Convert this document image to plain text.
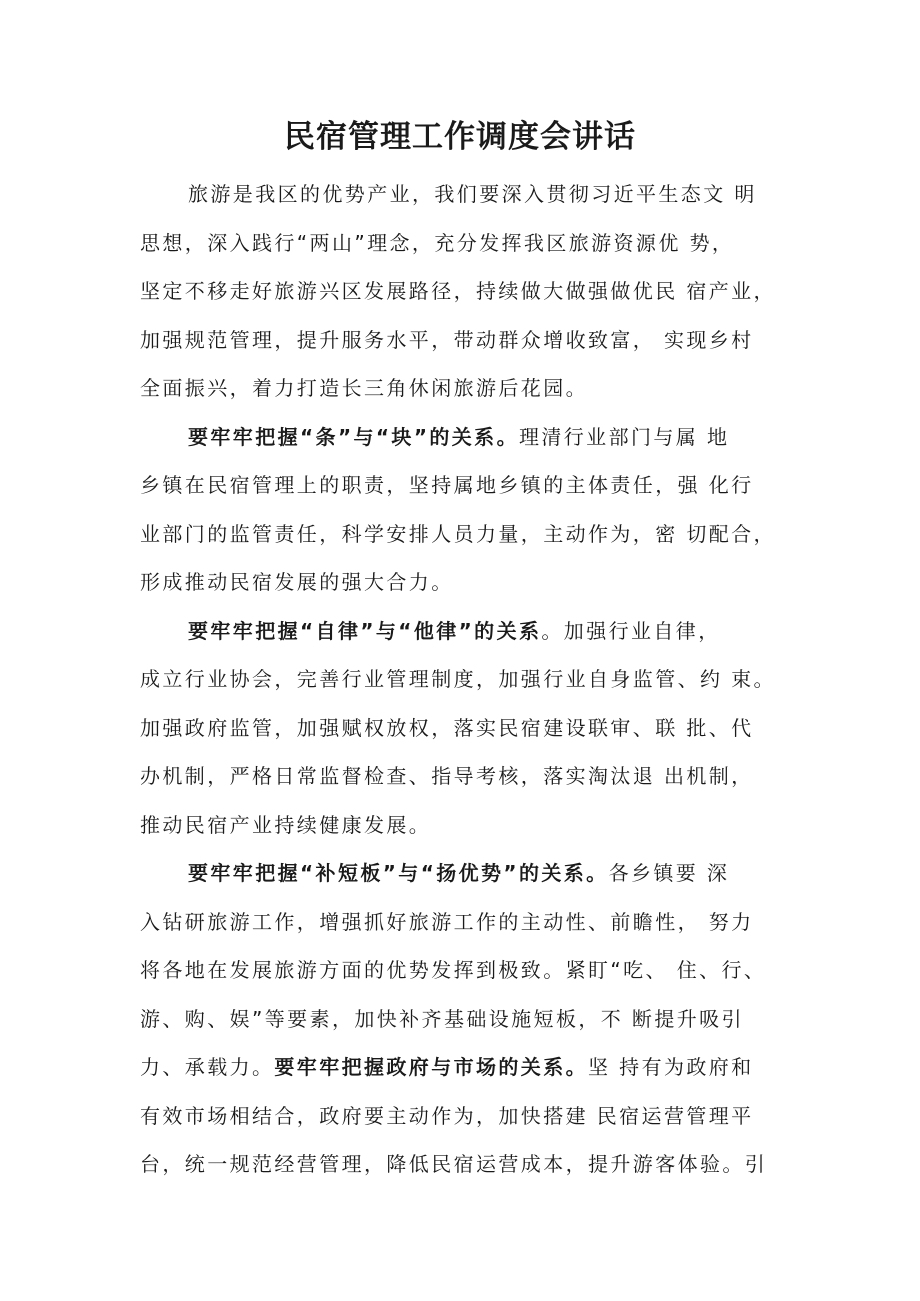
民宿管理工作调度会讲话
旅游是我区的优势产业，我们要深入贯彻习近平生态文 明
思想，深入践行“两山”理念，充分发挥我区旅游资源优 势，
坚定不移走好旅游兴区发展路径，持续做大做强做优民 宿产业，
加强规范管理，提升服务水平，带动群众增收致富， 实现乡村
全面振兴，着力打造长三角休闲旅游后花园。
要牢牢把握“条”与“块”的关系。理清行业部门与属 地
乡镇在民宿管理上的职责，坚持属地乡镇的主体责任，强 化行
业部门的监管责任，科学安排人员力量，主动作为，密 切配合，
形成推动民宿发展的强大合力。
要牢牢把握“自律”与“他律”的关系。加强行业自律，
成立行业协会，完善行业管理制度，加强行业自身监管、约 束。
加强政府监管，加强赋权放权，落实民宿建设联审、联 批、代
办机制，严格日常监督检查、指导考核，落实淘汰退 出机制，
推动民宿产业持续健康发展。
要牢牢把握“补短板”与“扬优势”的关系。各乡镇要 深
入钻研旅游工作，增强抓好旅游工作的主动性、前瞻性， 努力
将各地在发展旅游方面的优势发挥到极致。紧盯“吃、 住、行、
游、购、娱”等要素，加快补齐基础设施短板，不 断提升吸引
力、承载力。要牢牢把握政府与市场的关系。坚 持有为政府和
有效市场相结合，政府要主动作为，加快搭建 民宿运营管理平
台，统一规范经营管理，降低民宿运营成本，提升游客体验。引
